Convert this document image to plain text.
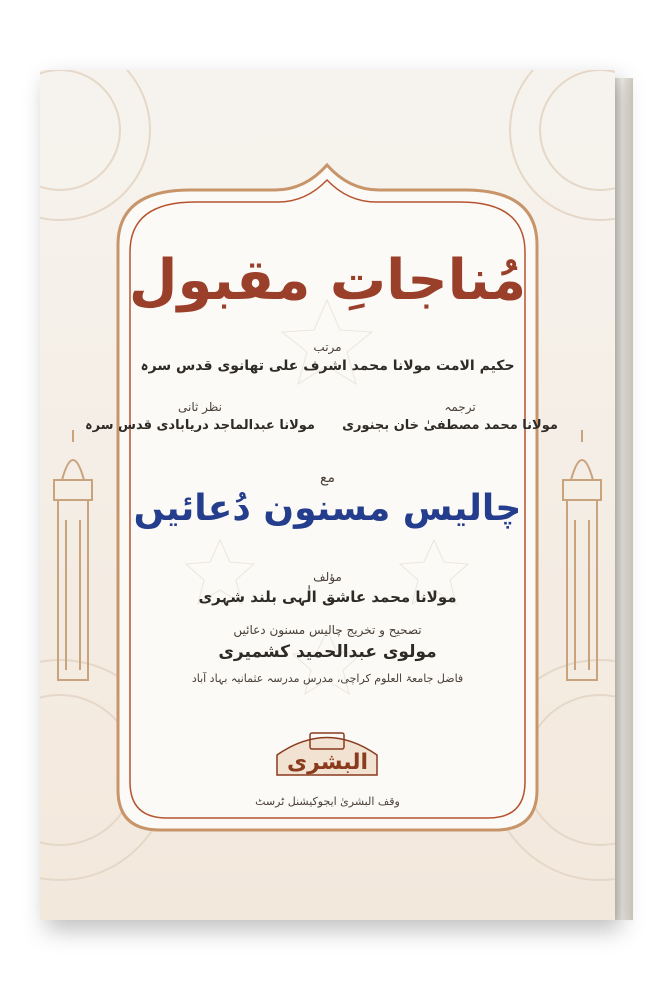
مُناجاتِ مقبول
مرتب
حکیم الامت مولانا محمد اشرف علی تھانوی قدس سرہ
ترجمہ
مولانا محمد مصطفیٰ خان بجنوری
نظر ثانی
مولانا عبدالماجد دریابادی قدس سرہ
مع
چالیس مسنون دُعائیں
مؤلف
مولانا محمد عاشق الٰہی بلند شہری
تصحیح و تخریج چالیس مسنون دعائیں
مولوی عبدالحمید کشمیری
فاضل جامعۃ العلوم کراچی، مدرس مدرسہ عثمانیہ بہاد آباد
البشری
وقف البشریٰ ایجوکیشنل ٹرسٹ
